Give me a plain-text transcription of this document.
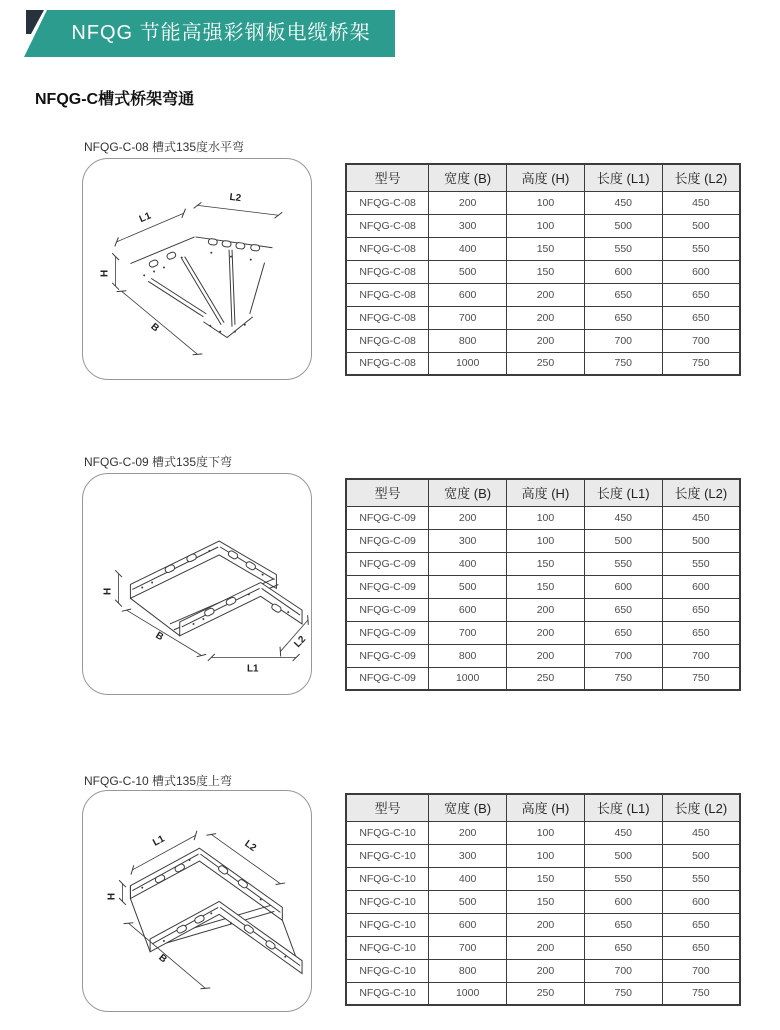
NFQG 节能高强彩钢板电缆桥架
NFQG-C槽式桥架弯通
NFQG-C-08 槽式135度水平弯
L1
L2
H
B
型号	宽度 (B)	高度 (H)	长度 (L1)	长度 (L2)
NFQG-C-08	200	100	450	450
NFQG-C-08	300	100	500	500
NFQG-C-08	400	150	550	550
NFQG-C-08	500	150	600	600
NFQG-C-08	600	200	650	650
NFQG-C-08	700	200	650	650
NFQG-C-08	800	200	700	700
NFQG-C-08	1000	250	750	750
NFQG-C-09 槽式135度下弯
H
B
L1
L2
型号	宽度 (B)	高度 (H)	长度 (L1)	长度 (L2)
NFQG-C-09	200	100	450	450
NFQG-C-09	300	100	500	500
NFQG-C-09	400	150	550	550
NFQG-C-09	500	150	600	600
NFQG-C-09	600	200	650	650
NFQG-C-09	700	200	650	650
NFQG-C-09	800	200	700	700
NFQG-C-09	1000	250	750	750
NFQG-C-10 槽式135度上弯
L1	L2
H
B
型号	宽度 (B)	高度 (H)	长度 (L1)	长度 (L2)
NFQG-C-10	200	100	450	450
NFQG-C-10	300	100	500	500
NFQG-C-10	400	150	550	550
NFQG-C-10	500	150	600	600
NFQG-C-10	600	200	650	650
NFQG-C-10	700	200	650	650
NFQG-C-10	800	200	700	700
NFQG-C-10	1000	250	750	750
